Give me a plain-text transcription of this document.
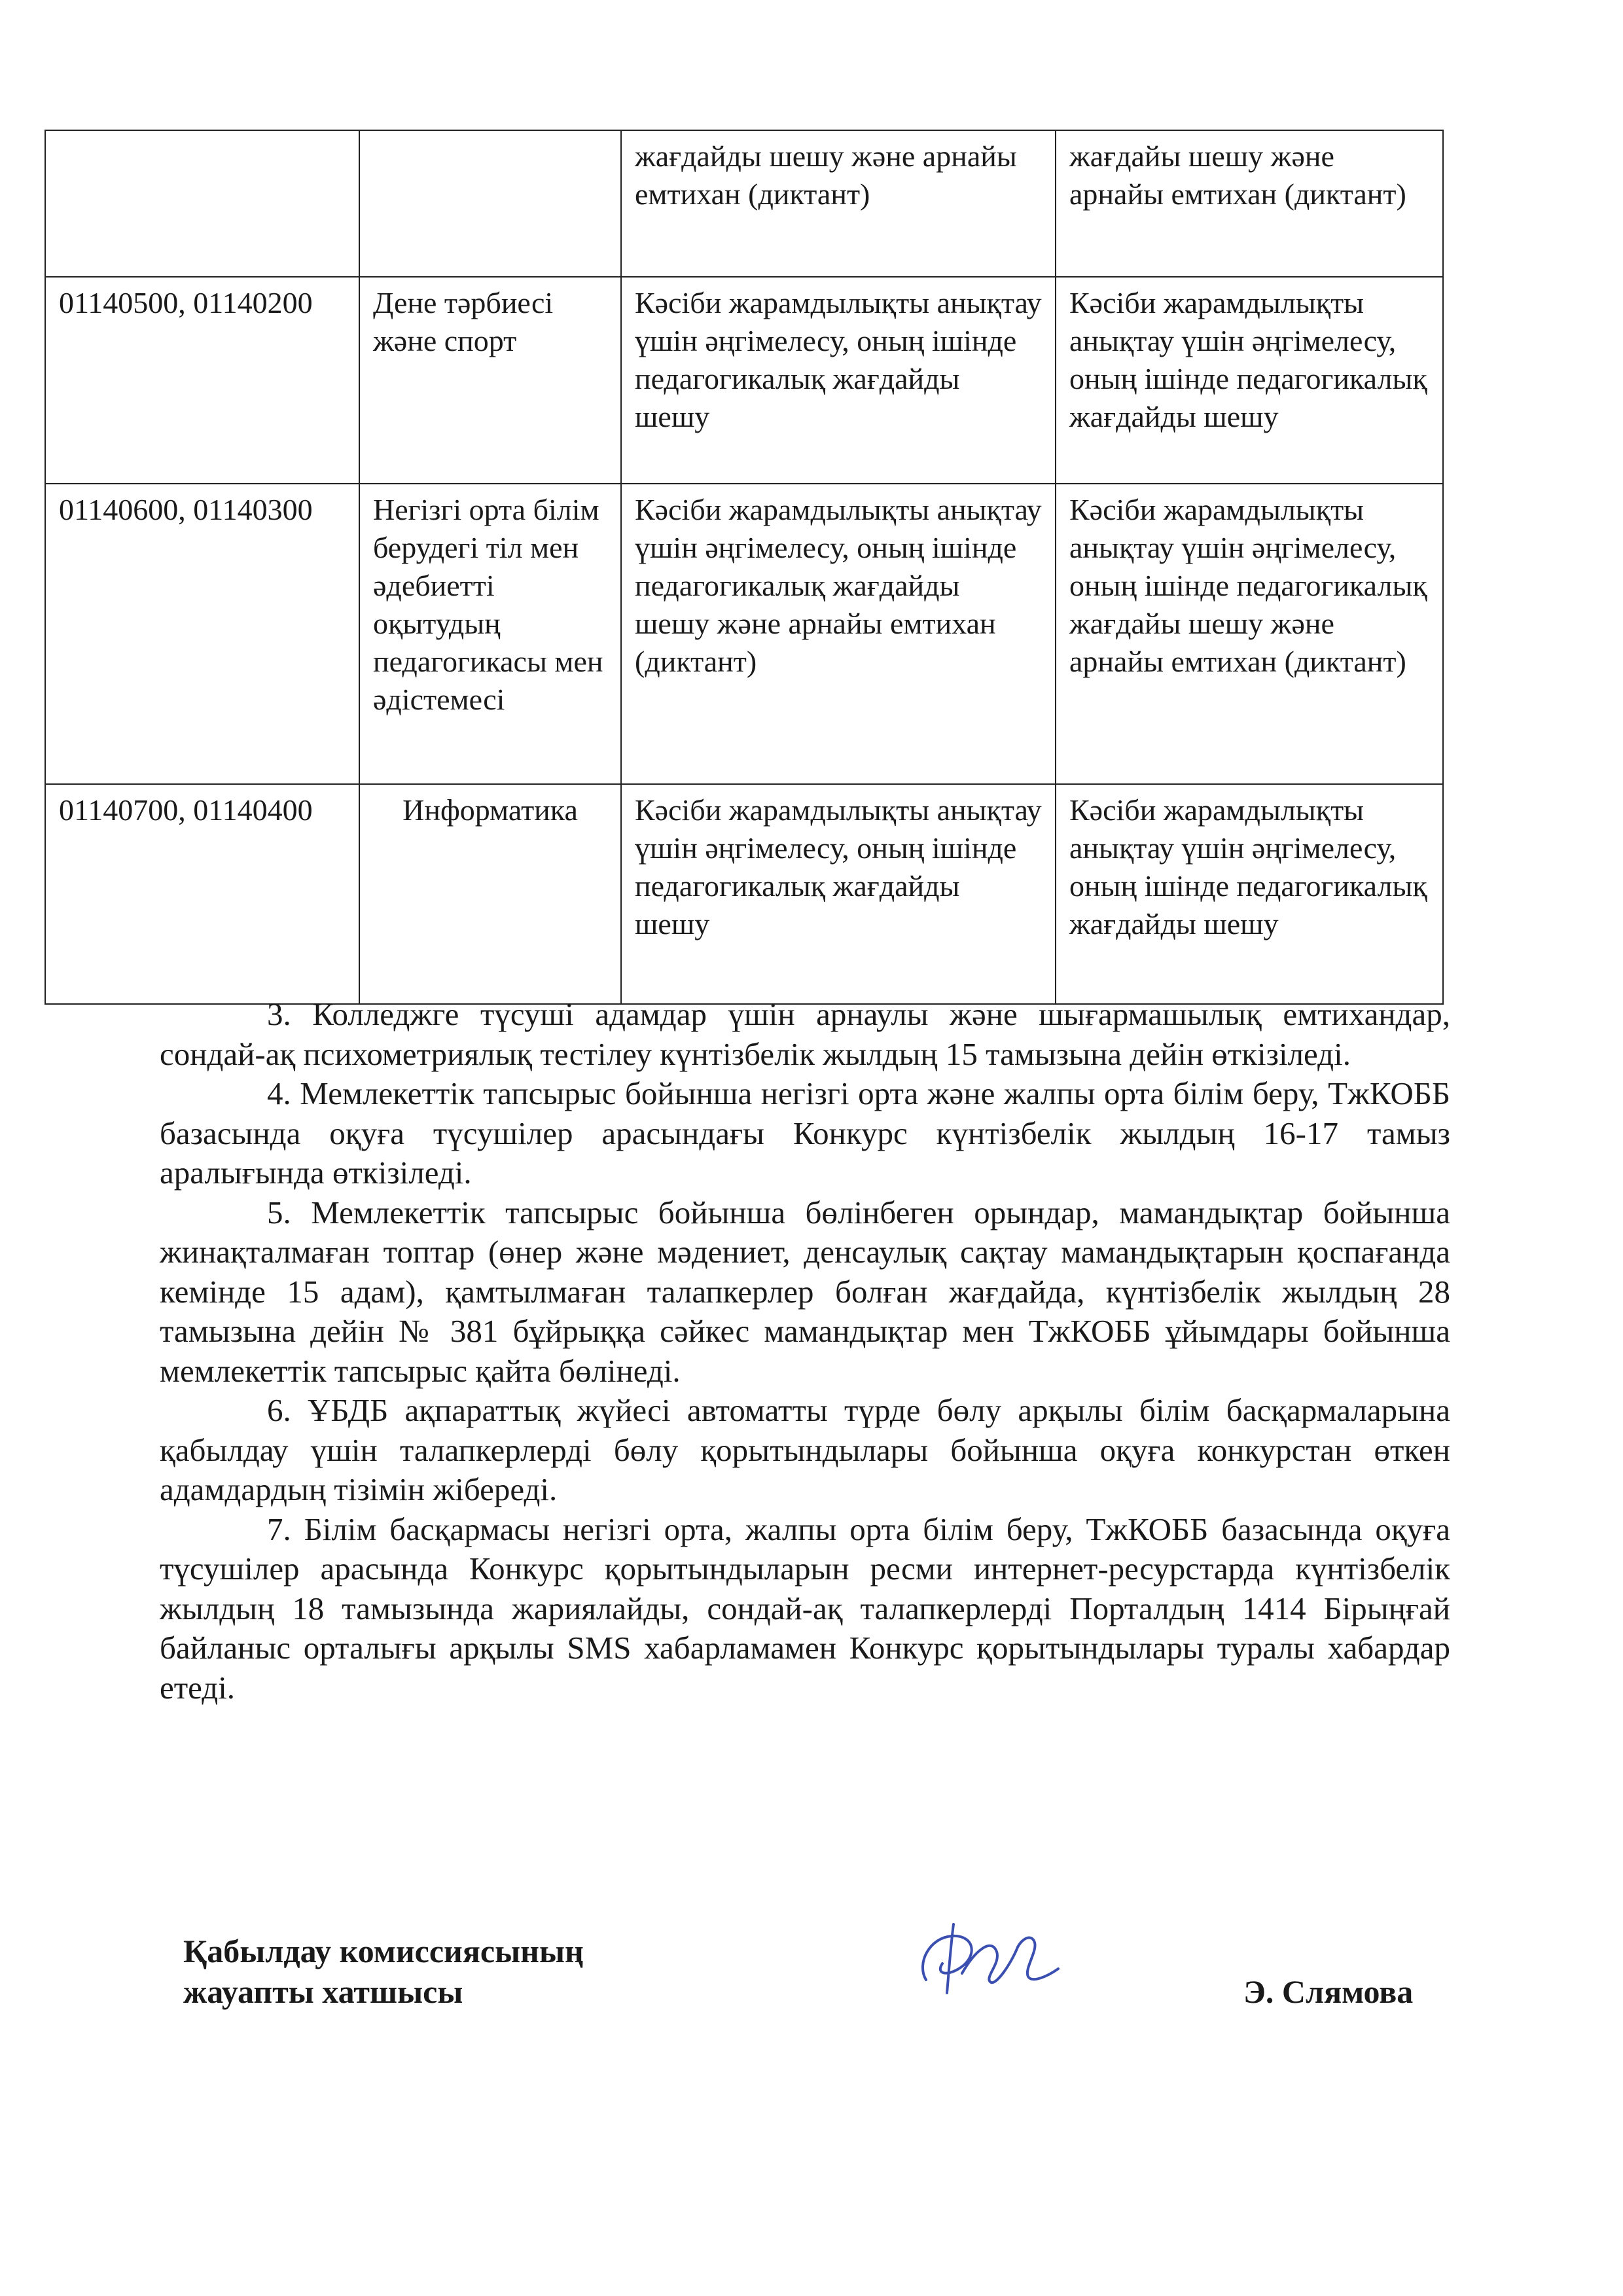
		жағдайды шешу және арнайы емтихан (диктант)	жағдайы шешу және арнайы емтихан (диктант)
01140500, 01140200	Дене тәрбиесі және спорт	Кәсіби жарамдылықты анықтау үшін әңгімелесу, оның ішінде педагогикалық жағдайды шешу	Кәсіби жарамдылықты анықтау үшін әңгімелесу, оның ішінде педагогикалық жағдайды шешу
01140600, 01140300	Негізгі орта білім берудегі тіл мен әдебиетті оқытудың педагогикасы мен әдістемесі	Кәсіби жарамдылықты анықтау үшін әңгімелесу, оның ішінде педагогикалық жағдайды шешу және арнайы емтихан (диктант)	Кәсіби жарамдылықты анықтау үшін әңгімелесу, оның ішінде педагогикалық жағдайы шешу және арнайы емтихан (диктант)
01140700, 01140400	Информатика	Кәсіби жарамдылықты анықтау үшін әңгімелесу, оның ішінде педагогикалық жағдайды шешу	Кәсіби жарамдылықты анықтау үшін әңгімелесу, оның ішінде педагогикалық жағдайды шешу

3. Колледжге түсуші адамдар үшін арнаулы және шығармашылық емтихандар, сондай-ақ психометриялық тестілеу күнтізбелік жылдың 15 тамызына дейін өткізіледі.

4. Мемлекеттік тапсырыс бойынша негізгі орта және жалпы орта білім беру, ТжКОББ базасында оқуға түсушілер арасындағы Конкурс күнтізбелік жылдың 16-17 тамыз аралығында өткізіледі.

5. Мемлекеттік тапсырыс бойынша бөлінбеген орындар, мамандықтар бойынша жинақталмаған топтар (өнер және мәдениет, денсаулық сақтау мамандықтарын қоспағанда кемінде 15 адам), қамтылмаған талапкерлер болған жағдайда, күнтізбелік жылдың 28 тамызына дейін № 381 бұйрыққа сәйкес мамандықтар мен ТжКОББ ұйымдары бойынша мемлекеттік тапсырыс қайта бөлінеді.

6. ҰБДБ ақпараттық жүйесі автоматты түрде бөлу арқылы білім басқармаларына қабылдау үшін талапкерлерді бөлу қорытындылары бойынша оқуға конкурстан өткен адамдардың тізімін жібереді.

7. Білім басқармасы негізгі орта, жалпы орта білім беру, ТжКОББ базасында оқуға түсушілер арасында Конкурс қорытындыларын ресми интернет-ресурстарда күнтізбелік жылдың 18 тамызында жариялайды, сондай-ақ талапкерлерді Порталдың 1414 Бірыңғай байланыс орталығы арқылы SMS хабарламамен Конкурс қорытындылары туралы хабардар етеді.

Қабылдау комиссиясының
жауапты хатшысы	Э. Слямова
